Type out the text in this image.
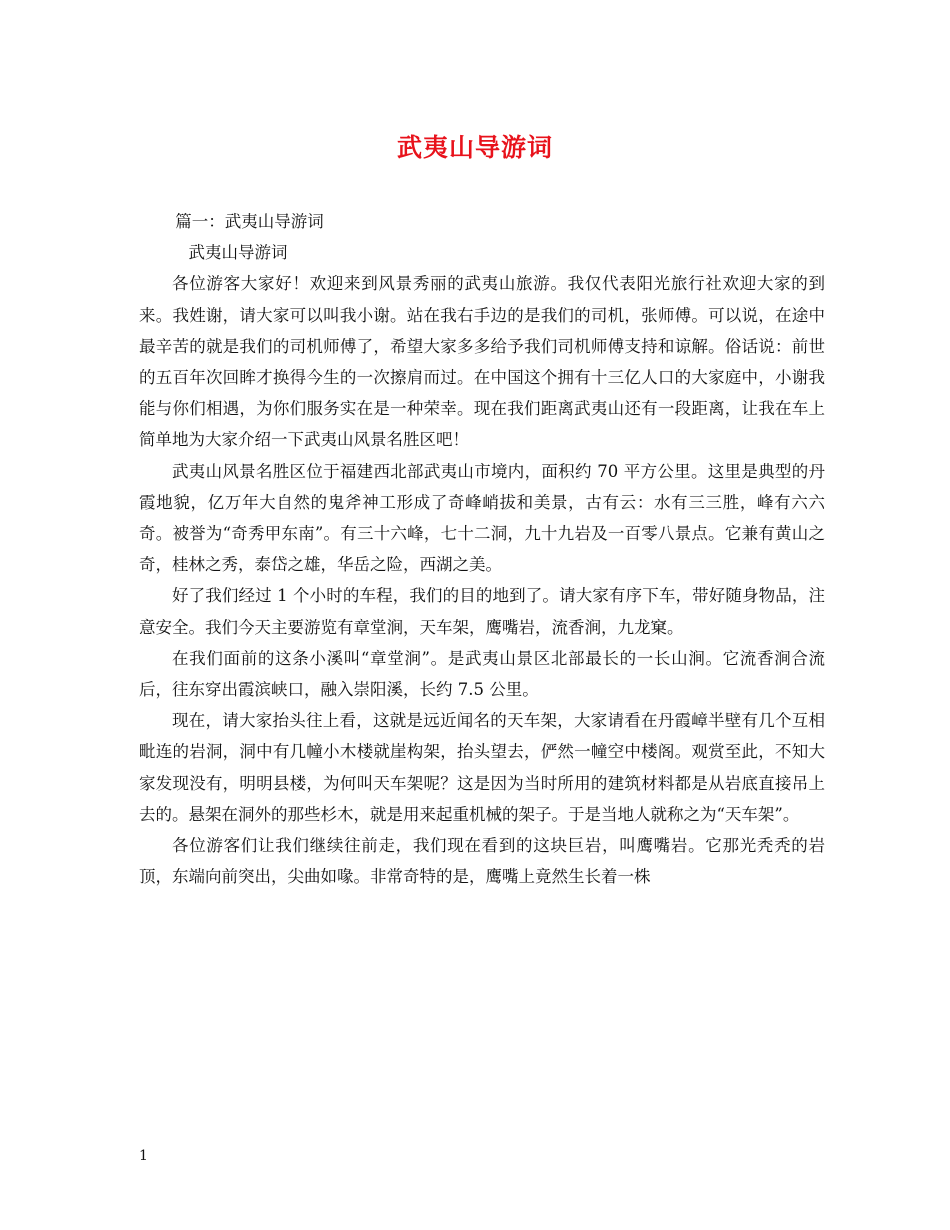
武夷山导游词

篇一：武夷山导游词

武夷山导游词

各位游客大家好！欢迎来到风景秀丽的武夷山旅游。我仅代表阳光旅行社欢迎大家的到来。我姓谢，请大家可以叫我小谢。站在我右手边的是我们的司机，张师傅。可以说，在途中最辛苦的就是我们的司机师傅了，希望大家多多给予我们司机师傅支持和谅解。俗话说：前世的五百年次回眸才换得今生的一次擦肩而过。在中国这个拥有十三亿人口的大家庭中，小谢我能与你们相遇，为你们服务实在是一种荣幸。现在我们距离武夷山还有一段距离，让我在车上简单地为大家介绍一下武夷山风景名胜区吧！

武夷山风景名胜区位于福建西北部武夷山市境内，面积约 70 平方公里。这里是典型的丹霞地貌，亿万年大自然的鬼斧神工形成了奇峰峭拔和美景，古有云：水有三三胜，峰有六六奇。被誉为“奇秀甲东南”。有三十六峰，七十二洞，九十九岩及一百零八景点。它兼有黄山之奇，桂林之秀，泰岱之雄，华岳之险，西湖之美。

好了我们经过 1 个小时的车程，我们的目的地到了。请大家有序下车，带好随身物品，注意安全。我们今天主要游览有章堂涧，天车架，鹰嘴岩，流香涧，九龙窠。

在我们面前的这条小溪叫“章堂涧”。是武夷山景区北部最长的一长山涧。它流香涧合流后，往东穿出霞滨峡口，融入崇阳溪，长约 7.5 公里。

现在，请大家抬头往上看，这就是远近闻名的天车架，大家请看在丹霞嶂半壁有几个互相毗连的岩洞，洞中有几幢小木楼就崖构架，抬头望去，俨然一幢空中楼阁。观赏至此，不知大家发现没有，明明县楼，为何叫天车架呢？这是因为当时所用的建筑材料都是从岩底直接吊上去的。悬架在洞外的那些杉木，就是用来起重机械的架子。于是当地人就称之为“天车架”。

各位游客们让我们继续往前走，我们现在看到的这块巨岩，叫鹰嘴岩。它那光秃秃的岩顶，东端向前突出，尖曲如喙。非常奇特的是，鹰嘴上竟然生长着一株

1
